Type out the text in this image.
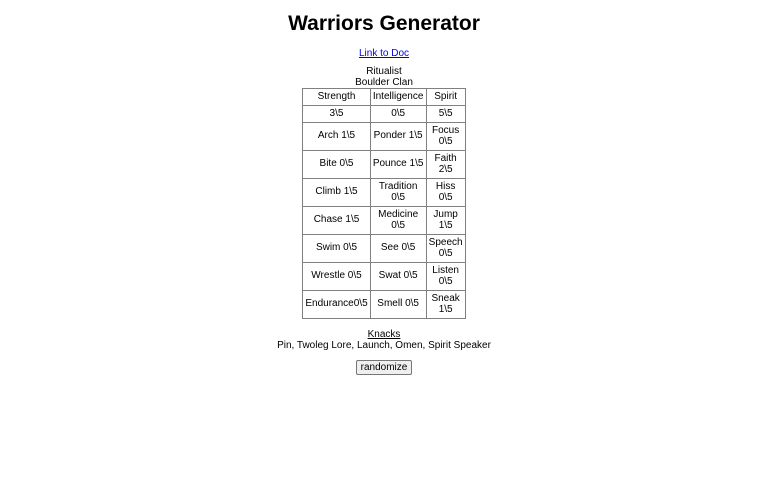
Warriors Generator
Link to Doc
Ritualist
Boulder Clan
Strength	Intelligence	Spirit
3\5	0\5	5\5
Arch 1\5	Ponder 1\5	Focus 0\5
Bite 0\5	Pounce 1\5	Faith 2\5
Climb 1\5	Tradition 0\5	Hiss 0\5
Chase 1\5	Medicine 0\5	Jump 1\5
Swim 0\5	See 0\5	Speech 0\5
Wrestle 0\5	Swat 0\5	Listen 0\5
Endurance0\5	Smell 0\5	Sneak 1\5
Knacks
Pin, Twoleg Lore, Launch, Omen, Spirit Speaker
randomize
